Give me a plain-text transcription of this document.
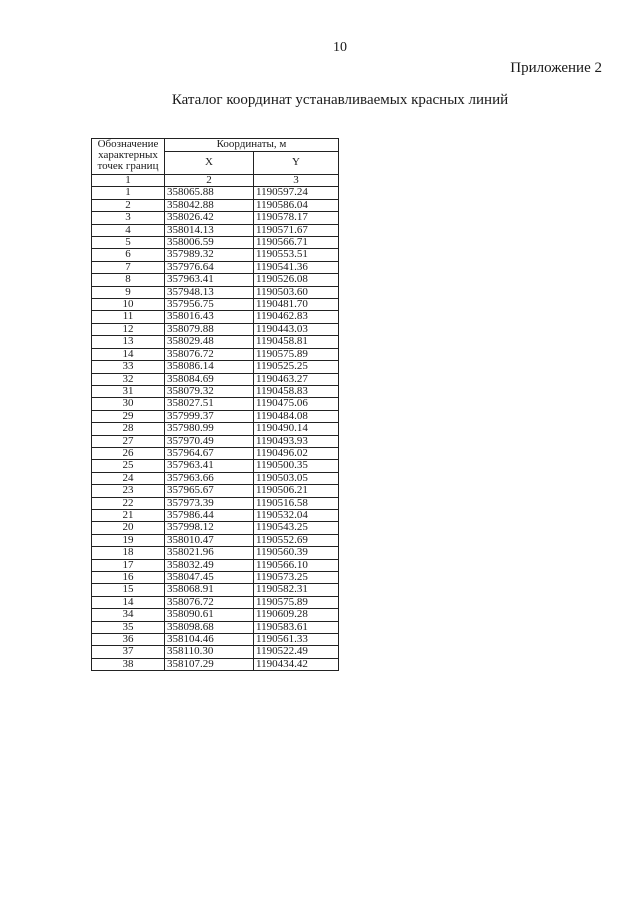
10
Приложение 2
Каталог координат устанавливаемых красных линий
Обозначение характерных точек границ	Координаты, м	
	X	Y
1	2	3
1	358065.88	1190597.24
2	358042.88	1190586.04
3	358026.42	1190578.17
4	358014.13	1190571.67
5	358006.59	1190566.71
6	357989.32	1190553.51
7	357976.64	1190541.36
8	357963.41	1190526.08
9	357948.13	1190503.60
10	357956.75	1190481.70
11	358016.43	1190462.83
12	358079.88	1190443.03
13	358029.48	1190458.81
14	358076.72	1190575.89
33	358086.14	1190525.25
32	358084.69	1190463.27
31	358079.32	1190458.83
30	358027.51	1190475.06
29	357999.37	1190484.08
28	357980.99	1190490.14
27	357970.49	1190493.93
26	357964.67	1190496.02
25	357963.41	1190500.35
24	357963.66	1190503.05
23	357965.67	1190506.21
22	357973.39	1190516.58
21	357986.44	1190532.04
20	357998.12	1190543.25
19	358010.47	1190552.69
18	358021.96	1190560.39
17	358032.49	1190566.10
16	358047.45	1190573.25
15	358068.91	1190582.31
14	358076.72	1190575.89
34	358090.61	1190609.28
35	358098.68	1190583.61
36	358104.46	1190561.33
37	358110.30	1190522.49
38	358107.29	1190434.42
